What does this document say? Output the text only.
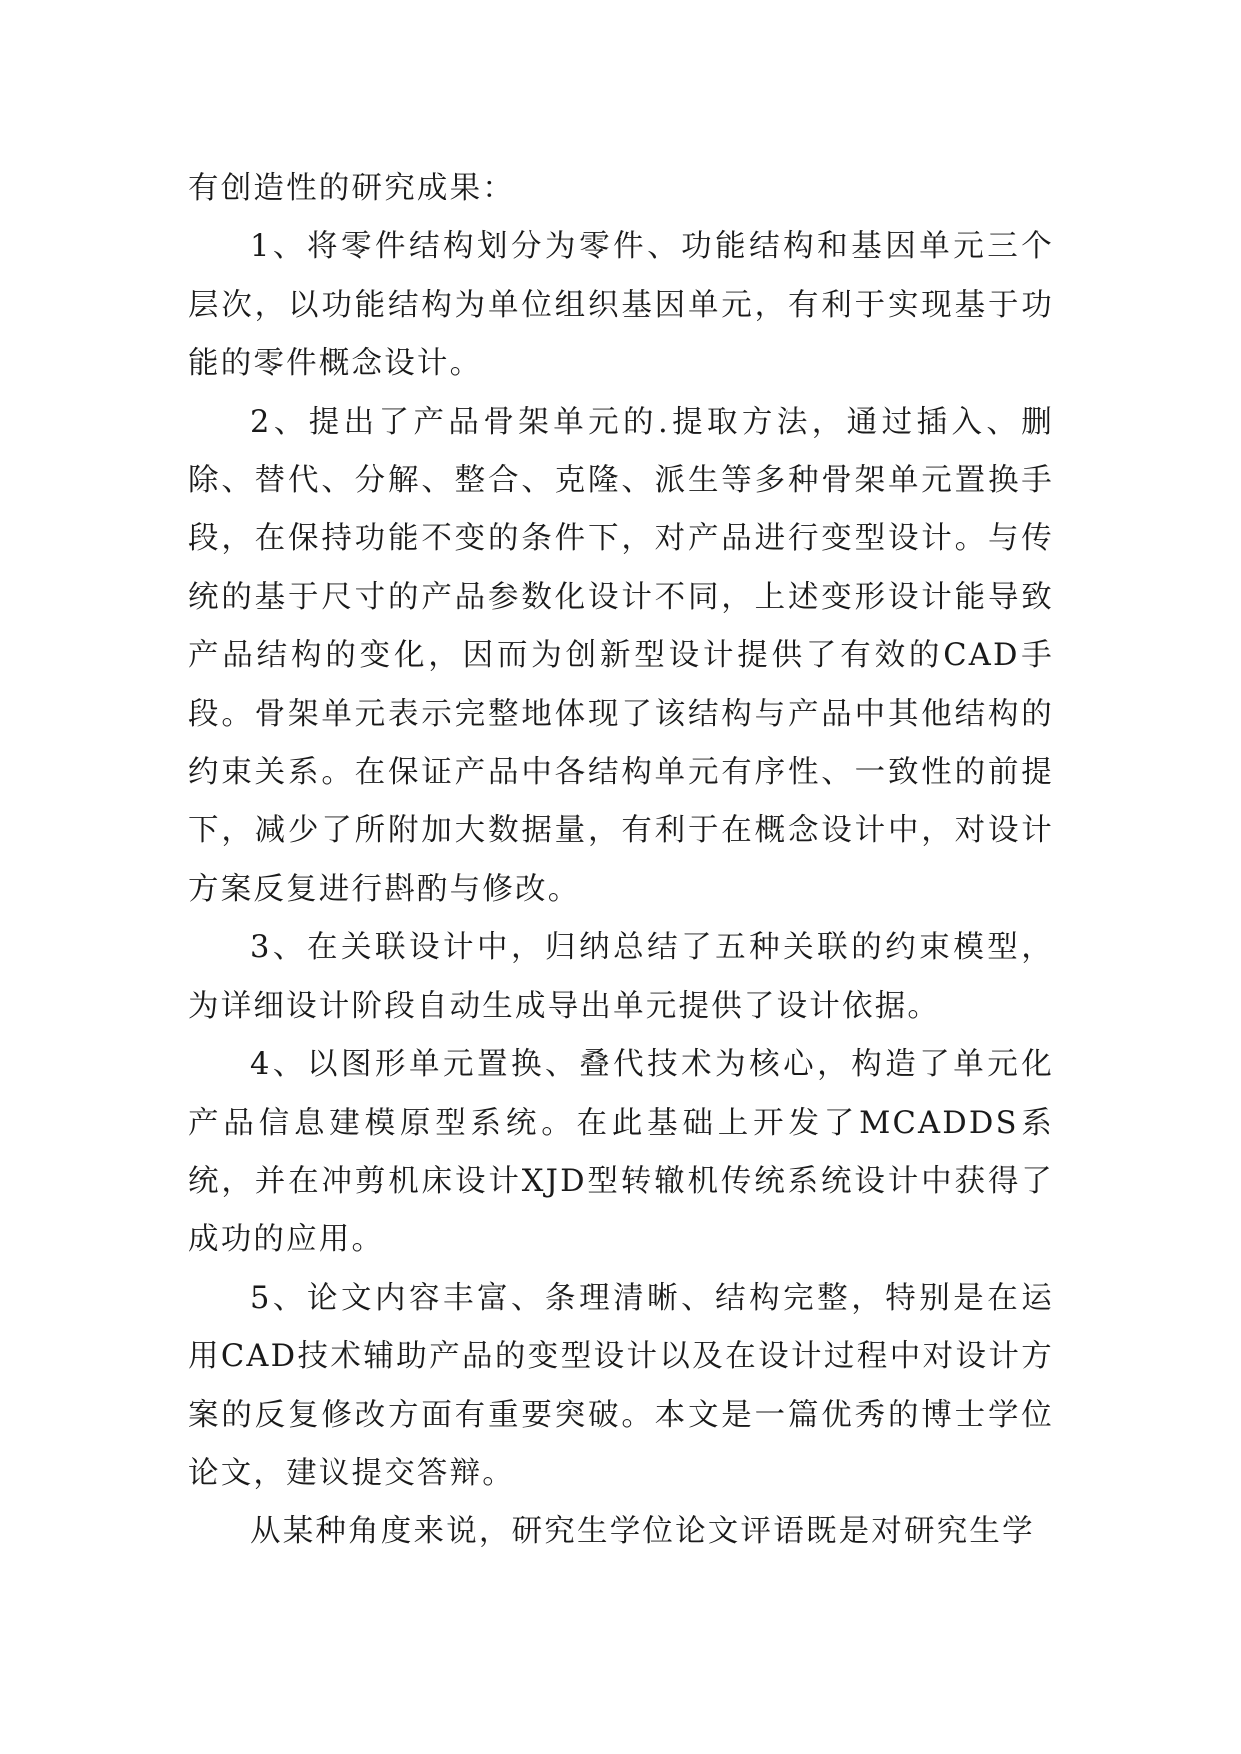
有创造性的研究成果：

1、将零件结构划分为零件、功能结构和基因单元三个层次，以功能结构为单位组织基因单元，有利于实现基于功能的零件概念设计。

2、提出了产品骨架单元的.提取方法，通过插入、删除、替代、分解、整合、克隆、派生等多种骨架单元置换手段，在保持功能不变的条件下，对产品进行变型设计。与传统的基于尺寸的产品参数化设计不同，上述变形设计能导致产品结构的变化，因而为创新型设计提供了有效的CAD手段。骨架单元表示完整地体现了该结构与产品中其他结构的约束关系。在保证产品中各结构单元有序性、一致性的前提下，减少了所附加大数据量，有利于在概念设计中，对设计方案反复进行斟酌与修改。

3、在关联设计中，归纳总结了五种关联的约束模型，为详细设计阶段自动生成导出单元提供了设计依据。

4、以图形单元置换、叠代技术为核心，构造了单元化产品信息建模原型系统。在此基础上开发了MCADDS系统，并在冲剪机床设计XJD型转辙机传统系统设计中获得了成功的应用。

5、论文内容丰富、条理清晰、结构完整，特别是在运用CAD技术辅助产品的变型设计以及在设计过程中对设计方案的反复修改方面有重要突破。本文是一篇优秀的博士学位论文，建议提交答辩。

从某种角度来说，研究生学位论文评语既是对研究生学
